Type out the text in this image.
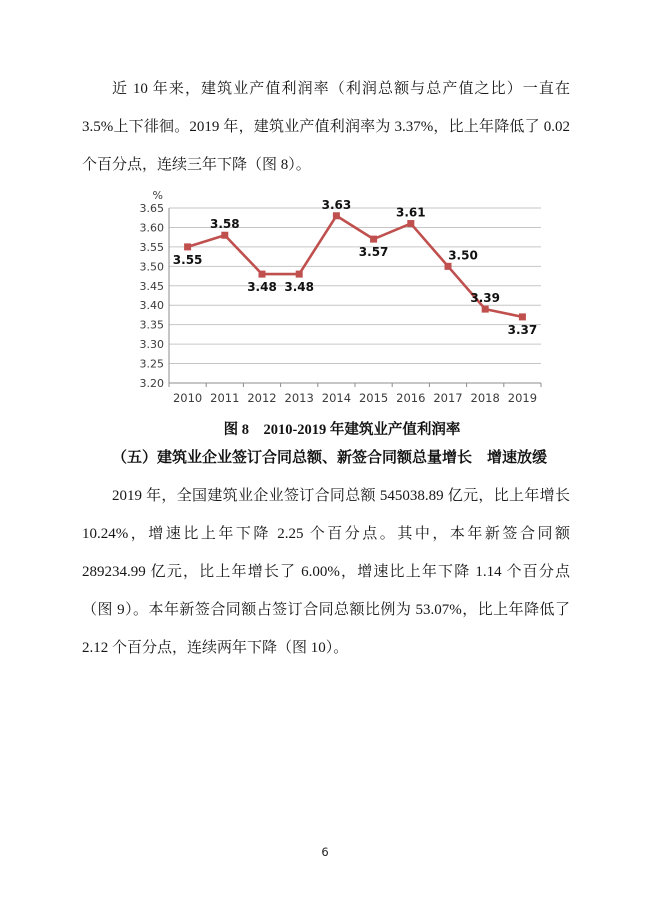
近 10 年来，建筑业产值利润率（利润总额与总产值之比）一直在 3.5%上下徘徊。2019 年，建筑业产值利润率为 3.37%，比上年降低了 0.02 个百分点，连续三年下降（图 8）。

3.65
3.60
3.55
3.50
3.45
3.40
3.35
3.30
3.25
3.20
%
2010 2011 2012 2013 2014 2015 2016 2017 2018 2019
3.55
3.58
3.48 3.48
3.63
3.57
3.61
3.50
3.39
3.37
图 8　2010-2019 年建筑业产值利润率
（五）建筑业企业签订合同总额、新签合同额总量增长　增速放缓

2019 年，全国建筑业企业签订合同总额 545038.89 亿元，比上年增长 10.24%，增速比上年下降 2.25 个百分点。其中，本年新签合同额 289234.99 亿元，比上年增长了 6.00%，增速比上年下降 1.14 个百分点（图 9）。本年新签合同额占签订合同总额比例为 53.07%，比上年降低了 2.12 个百分点，连续两年下降（图 10）。

6
